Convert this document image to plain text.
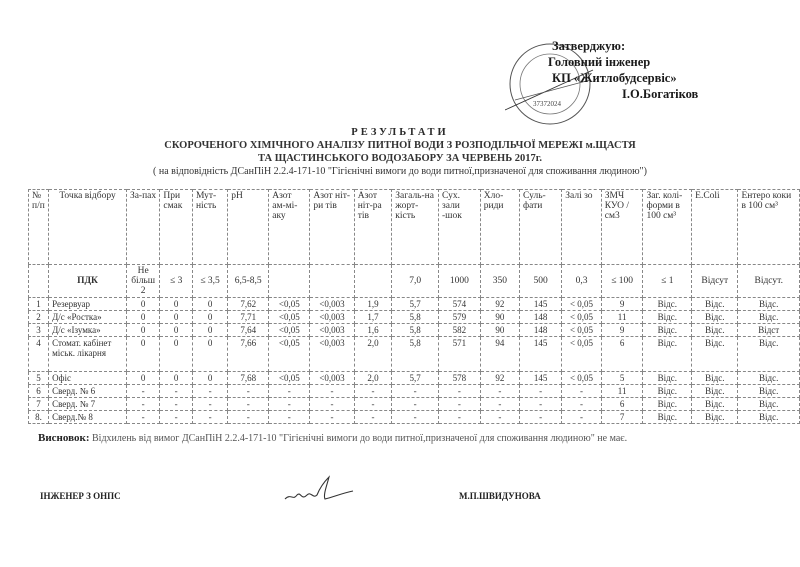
37372024
Затверджую:
Головний інженер
КП «Житлобудсервіс»
І.О.Богатіков
РЕЗУЛЬТАТИ
СКОРОЧЕНОГО ХІМІЧНОГО АНАЛІЗУ ПИТНОЇ ВОДИ З РОЗПОДІЛЬЧОЇ МЕРЕЖІ м.ЩАСТЯ
ТА ЩАСТИНСЬКОГО ВОДОЗАБОРУ ЗА ЧЕРВЕНЬ 2017г.
( на відповідність ДСанПіН 2.2.4-171-10 "Гігієнічні вимоги до води питної,призначеної для споживання людиною")
№ п/п	Точка відбору	За-пах	При смак	Мут-ність	pH	Азот ам-мі-аку	Азот ніт-ри тів	Азот ніт-ра тів	Загаль-на жорт-кість	Сух. зали -шок	Хло-риди	Суль-фати	Залі зо	ЗМЧ КУО / см3	Заг. колі-форми в 100 см³	E.Coli	Ентеро коки в 100 см³
	ПДК	Не більш 2	≤ 3	≤ 3,5	6,5-8,5				7,0	1000	350	500	0,3	≤ 100	≤ 1	Відсут	Відсут.
1	Резервуар	0	0	0	7,62	<0,05	<0,003	1,9	5,7	574	92	145	< 0,05	9	Відс.	Відс.	Відс.
2	Д/с «Ростка»	0	0	0	7,71	<0,05	<0,003	1,7	5,8	579	90	148	< 0,05	11	Відс.	Відс.	Відс.
3	Д/с «Ізумка»	0	0	0	7,64	<0,05	<0,003	1,6	5,8	582	90	148	< 0,05	9	Відс.	Відс.	Відст
4	Стомат. кабінет міськ. лікарня	0	0	0	7,66	<0,05	<0,003	2,0	5,8	571	94	145	< 0,05	6	Відс.	Відс.	Відс.
5	Офіс	0	0	0	7,68	<0,05	<0,003	2,0	5,7	578	92	145	< 0,05	5	Відс.	Відс.	Відс.
6	Сверд. № 6	-	-	-	-	-	-	-	-	-	-	-	-	11	Відс.	Відс.	Відс.
7	Сверд. № 7	-	-	-	-	-	-	-	-	-	-	-	-	6	Відс.	Відс.	Відс.
8.	Сверд.№ 8	-	-	-	-	-	-	-	-	-	-	-	-	7	Відс.	Відс.	Відс.
Висновок: Відхилень від вимог ДСанПіН 2.2.4-171-10 "Гігієнічні вимоги до води питної,призначеної для споживання людиною" не має.
ІНЖЕНЕР З ОНПС	М.П.ШВИДУНОВА
